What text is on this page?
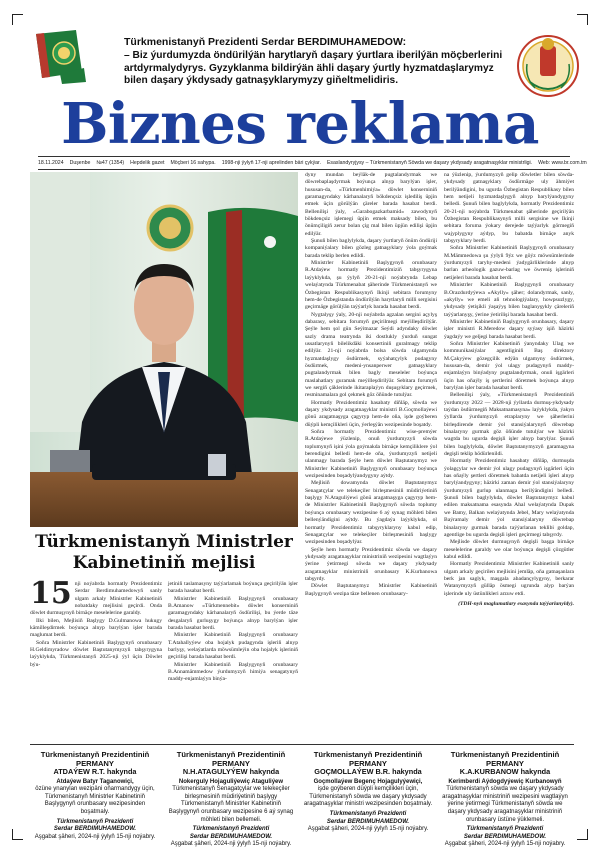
Türkmenistanyň Prezidenti Serdar BERDIMUHAMEDOW:

– Biz ýurdumyzda öndürilýän harytlaryň daşary ýurtlara iberilýän möçberlerini artdyrmalydyrys. Gyzyklanma bildirýän ähli daşary ýurtly hyzmatdaşlarymyz bilen daşary ýkdysady gatnaşyklarymyzy giňeltmelidiris.

Biznes reklama
18.11.2024 Duşenbe №47 (1354) Hepdelik gazet Möçberi 16 sahypa. 1998-nji ýylyň 17-nji aprelinden bäri çykýar. Esaslandyryjysy – Türkmenistanyň Söwda we daşary ykdysady aragatnaşyklar ministrligi. Web: www.br.com.tm
Türkmenistanyň Ministrler Kabinetiniň mejlisi
15 nji noýabrda hormatly Prezidentimiz Serdar Berdimuhamedowyň sanly ulgam arkaly Ministrler Kabinetiniň nobatdaky mejlisini geçirdi. Onda döwlet durmuşynyň birnäçe meselelerine garaldy.

Ilki bilen, Mejlisiň Başlygy D.Gulmanowa hukugy kämilleşdirmek boýunça alnyp barylýan işler barada maglumat berdi.

Soňra Ministrler Kabinetiniň Başlygynyň orunbasary H.Geldimyradow döwlet Baştutanymyzyň tabşyrygyna laýyklykda, Türkmenistanyň 2025-nji ýyl üçin Döwlet býu-

jetiniň taslamasyny taýýarlamak boýunça geçirilýän işler barada hasabat berdi.

Ministrler Kabinetiniň Başlygynyň orunbasary B.Amanow «Türkmennebit» döwlet konserniniň garamagyndaky kärhanalaryň ösdürilişi, bu ýerde täze desgalaryň gurluşygy boýunça alnyp barylýan işler barada hasabat berdi.

Ministrler Kabinetiniň Başlygynyň orunbasary T.Atahallyýew oba hojalyk pudagynda işleriň alnyp barlyşy, welaýatlarda möwsümleýin oba hojalyk işleriniň geçirilişi barada hasabat berdi.

Ministrler Kabinetiniň Başlygynyň orunbasary B.Annamämmedow ýurdumyzyň himiýa senagatynyň maddy-enjamlaýyn binýa-

dyny mundan beýläk-de pugtalandyrmak we döwrebaplaşdyrmak boýunça alnyp barylýan işler, hususan-da, «Türkmenhimiýa» döwlet konserniniň garamagyndaky kärhanalaryň bökdençsiz işlediliş üpjin etmek üçin görülýän çäreler barada hasabat berdi. Bellenilişi ýaly, «Garabogazkarbamid» zawodynyň bökdençsiz işlemegi üpjin etmek maksady bilen, bu önümçiligiň zerur bolan çig mal bilen üpjün edilişi üpjin edilýär.

Şunuň bilen baglylykda, daşary ýurtlaryň önüm öndüriji kompaniýalary bilen gözleg gatnaşyklary ýola goýmak barada teklip berlen edildi.

Ministrler Kabinetiniň Başlygynyň orunbasary R.Atdaýew hormatly Prezidentimiziň tabşyrygyna laýyklykda, şu ýylyň 20-21-nji noýabrynda Lebap welaýatynda Türkmenabat şäherinde Türkmenistanyň we Özbegistan Respublikasynyň Ikinji sebitara forumyny hem-de Özbegistanda öndürilýän harytlaryň milli sergisini geçirmäge görülýän taýýarlyk barada hasabat berdi.

Nygtalyşy ýaly, 20-nji noýabrda agzalan sergini açylyş dabarasy, sebitara forumyň geçirilmegi meýilleşdirilýär. Şeýle hem şol gün Seýitnazar Seýdi adyndaky döwlet sazly drama teatrynda iki dostlukly ýurduň sungat ussatlarynyň bilelikdäki konsertiniň guralmagy teklip edilýär. 21-nji noýabrda bolsa söwda ulgamynda hyzmatdaşlygy ösdürmek, syýahatçylyk pudagyny ösdürmek, medeni-ynsanperwer gatnaşyklary pugtalandyrmak bilen bagly meseleler boýunça maslahatlary guramak meýilleşdirilýär. Sebitara forumyň we sergiň çäklerinde ikitaraplaýyn duşuşyklary geçirmek, resminamalara gol çekmek göz öňünde tutulýar.

Hormatly Prezidentimiz hasabaty diňläp, söwda we daşary ykdysady aragatnaşyklar ministri B.Goçmollaýewi gönü aragatnaşyga çagyryp hem-de oňa, işde goýberen düýpli kemçilikleri üçin, ýerleşýän wezipesinde boşatdy.

Soňra hormatly Prezidentimiz wise-premýer R.Atdaýewe ýüzlenip, onuň ýurdumyzyň söwda toplumynyň işini ýola goýmakda birnäçe kemçiliklere ýol berendigini belledi hem-de oňa, ýurdumyzyň netijeli ulanmagy barada Şeýle hem döwlet Baştutanymyz we Ministrler Kabinetiniň Başlygynyň orunbasary boýunça wezipesinden boşadylýandygyny aýtdy.

Mejlisiň dowamynda döwlet Baştutanymyz Senagatçylar we telekeçiler birleşmesiniň müdiriýetiniň başlygy N.Ataguliýewi gönü aragatnaşyga çagyryp hem-de Ministrler Kabinetiniň Başlygynyň söwda toplumy boýunça orunbasary wezipesine 6 aý synag möhleti bilen bellenýändigini aýtdy. Bu ýagdaýa laýyklykda, ol hormatly Prezidentimiz tabşyryklaryny kabul edip, Senagatçylar we telekeçiler birleşmesiniň başlygy wezipesinden boşadylýar.

Şeýle hem hormatly Prezidentimiz söwda we daşary ykdysady aragatnaşyklar ministriniň wezipesini wagtlaýyn ýerine ýetirmegi söwda we daşary ykdysady aragatnaşyklar ministriniň orunbasary K.Kurbanowa tabşyrdy.

Döwlet Baştutanymyz Ministrler Kabinetiniň Başlygynyň wezipa täze bellenen orunbasary-

na ýüzlenip, ýurdumyzyň gelip döwletler bilen söwda-ykdysady gatnaşyklary ösdürmäge uly ähmiýet berilýändigini, bu ugurda Özbegistan Respublikasy bilen hem netijeli hyzmatdaşlygyň alnyp barylýandygyny belledi. Şunuň bilen baglylykda, hormatly Prezidentimiz 20-21-nji noýabrda Türkmenabat şäherinde geçirilýän Özbegistan Respublikasynyň milli sergisine we Ikinji sebitara foruma ýokary derejede taýýarlyk görmegiň wajyplygyny aýdyp, bu babatda birnäçe anyk tabşyryklary berdi.

Soňra Ministrler Kabinetiniň Başlygynyň orunbasary M.Mämmedowa şu ýylyň 9ýz we göýz möwsümlerinde ýurdumyzyň taryhy-medeni ýadygärliklerinde alnyp barlan arheologik gazuw-barlag we öwreniş işleriniň netijeleri barada hasabat berdi.

Ministrler Kabinetiniň Başlygynyň orunbasary B.Orazdurdyýewa «Akylly» şäher; dolandyrmak, sanly, «akylly» we emeli aň tehnologiýalary, howpsuzlygy, ykdysady ýetişikli ýaşaýyş bilen baglanyşykly çäreleriň taýýarlanyşy, ýerine ýetirilişi barada hasabat berdi.

Ministrler Kabinetiniň Başlygynyň orunbasary, daşary işler ministri R.Meredow daşary syýasy işiň häzirki ýagdaýy we geljegi barada hasabat berdi.

Soňra Ministrler Kabinetiniň ýanyndaky Ulag we kommunikasiýalar agentliginiň Baş direktory M.Çakyýew gözegçilik edýän ulgamyny ösdürmek, hususan-da, demir ýol ulagy pudagynyň maddy-enjamlaýyn binýadyny pugtalandyrmak, onuň işgärleri üçin has oňaýly iş şertlerini döretmek boýunça alnyp barylýan işler barada hasabat berdi.

Bellenilişi ýaly, «Türkmenistanyň Prezidentiniň ýurdumyzy 2022 — 2028-nji ýyllarda durmuş-ykdysady taýdan ösdürmegiň Maksatnamasyna» laýyklykda, ýakyn ýyllarda ýurdumyzyň etraplaryny we şäherlerini birleşdirende demir ýol stansiýalarynyň döwrebap binalaryny gurmak göz öňünde tutulýar we häzirki wagtda bu ugurda degişli işler alnyp barylýar. Şunuň bilen baglylykda, döwlet Baştutanymyzyň garamagyna degişli teklip hödürlenildi.

Hormatly Prezidentimiz hasabaty diňläp, durmuşda ýolagçylar we demir ýol ulagy pudagynyň işgärleri üçin has oňaýly şertleri döretmek babatda netijeli işleri alnyp barylýandygyny; häzirki zaman demir ýol stansiýalaryny ýurdumyzyň gurlup ulanmaga berilýändigini belledi. Şunuň bilen baglylykda, döwlet Baştutanymyz kabul edilen maksatnama esasynda Ahal welaýatynda Dupak we Bamy, Balkan welaýatynda Jebel, Mary welaýatynda Baýramaly demir ýol stansiýalaryny döwrebap binalaryny gurmak barada taýýarlanan teklibi goldap, agentlige bu ugurda degişli işleri geçirmegi tabşyrdy.

Mejlisde döwlet durmuşynyň degişli başga birnäçe meselelerine garaldy we olar boýunça degişli çözgütler kabul edildi.

Hormatly Prezidentimiz Ministrler Kabinetiniň sanly ulgam arkaly geçirilen mejlisini jemläp, oňa gatnaşanlara berk jan saglyk, maşgala abadançylygyny, berkarar Watanymyzyň gülläp ösmegi ugrunda alyp barýan işlerinde uly üstünlikleri arzuw etdi.

(TDH-nyň maglumatlary esasynda taýýarlanyldy).

Türkmenistanyň Prezidentiniň PERMANY
ATDAÝEW R.T. hakynda
Atdaýew Batyr Taganowiçi,
özüne ynanylan wezipäni oňarmandygy üçin, Türkmenistanyň Ministrler Kabinetiniň Başlygynyň orunbasary wezipesinden boşatmaly.
Türkmenistanyň Prezidenti
Serdar BERDIMUHAMEDOW.
Aşgabat şäheri, 2024-nji ýylyň 15-nji noýabry.
Türkmenistanyň Prezidentiniň PERMANY
N.H.ATAGULYÝEW hakynda
Nokerguly Hojaguliýewiç Ataguliýew
Türkmenistanyň Senagatçylar we telekeçiler birleşmesiniň müdiriýetiniň başlygy Türkmenistanyň Ministrler Kabinetiniň Başlygynyň orunbasary wezipesine 6 aý synag möhleti bilen bellemeli.
Türkmenistanyň Prezidenti
Serdar BERDIMUHAMEDOW.
Aşgabat şäheri, 2024-nji ýylyň 15-nji noýabry.
Türkmenistanyň Prezidentiniň PERMANY
GOÇMOLLAÝEW B.R. hakynda
Goçmollaýew Begenç Hojagulyýewiçi,
işde goýberen düýpli kemçilikleri üçin, Türkmenistanyň söwda we daşary ykdysady aragatnaşyklar ministri wezipesinden boşatmaly.
Türkmenistanyň Prezidenti
Serdar BERDIMUHAMEDOW.
Aşgabat şäheri, 2024-nji ýylyň 15-nji noýabry.
Türkmenistanyň Prezidentiniň PERMANY
K.A.KURBANOW hakynda
Kerimberdi Aýdogdyýewiç Kurbanowyň
Türkmenistanyň söwda we daşary ykdysady aragatnaşyklar ministriniň wezipesini wagtlaýyn ýerine ýetirmegi Türkmenistanyň söwda we daşary ykdysady aragatnaşyklar ministriniň orunbasary üstüne ýüklemeli.
Türkmenistanyň Prezidenti
Serdar BERDIMUHAMEDOW.
Aşgabat şäheri, 2024-nji ýylyň 15-nji noýabry.
